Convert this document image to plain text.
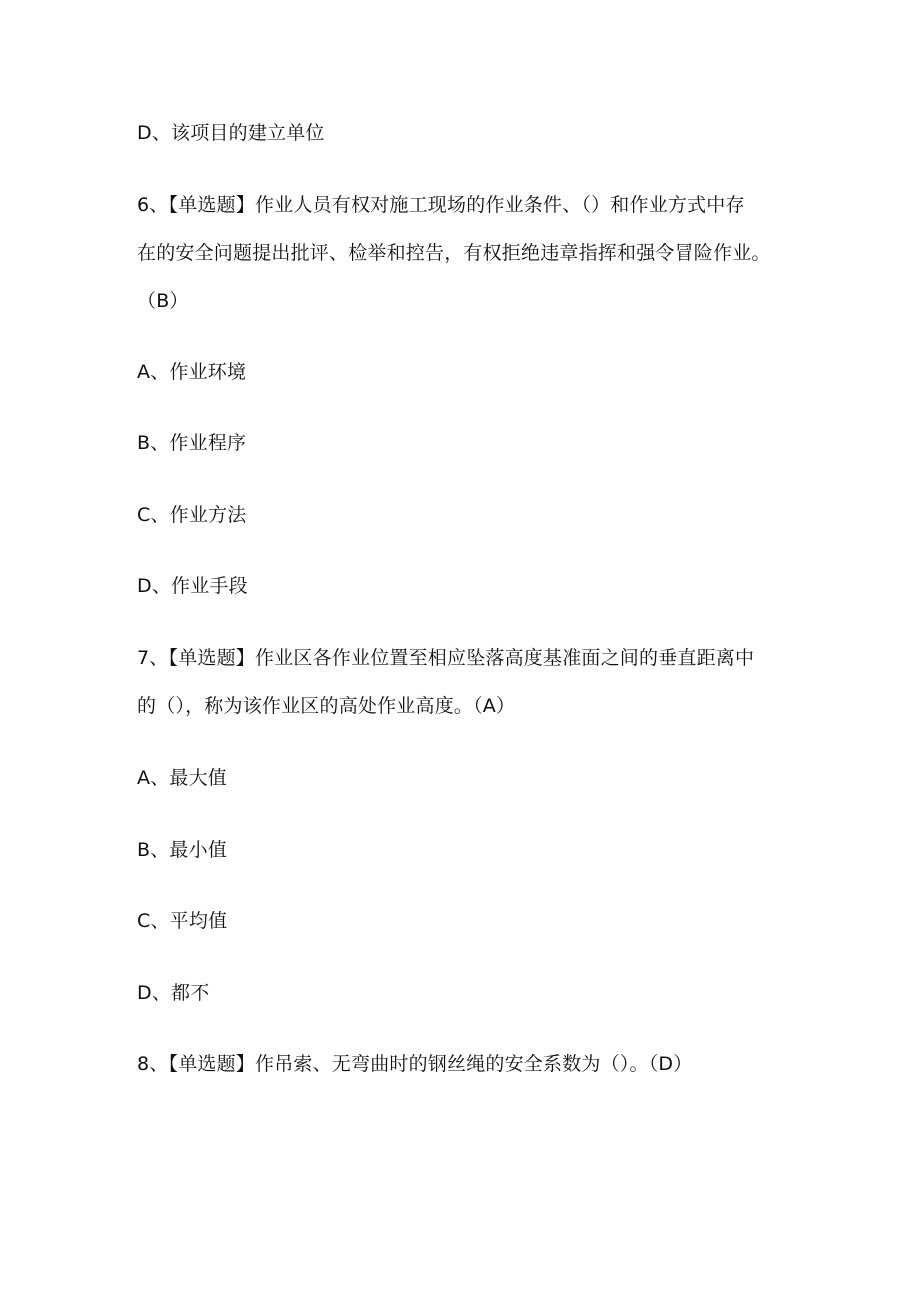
D、该项目的建立单位
6、【单选题】作业人员有权对施工现场的作业条件、（）和作业方式中存
在的安全问题提出批评、检举和控告，有权拒绝违章指挥和强令冒险作业。
（B）
A、作业环境
B、作业程序
C、作业方法
D、作业手段
7、【单选题】作业区各作业位置至相应坠落高度基准面之间的垂直距离中
的（），称为该作业区的高处作业高度。（A）
A、最大值
B、最小值
C、平均值
D、都不
8、【单选题】作吊索、无弯曲时的钢丝绳的安全系数为（）。（D）
